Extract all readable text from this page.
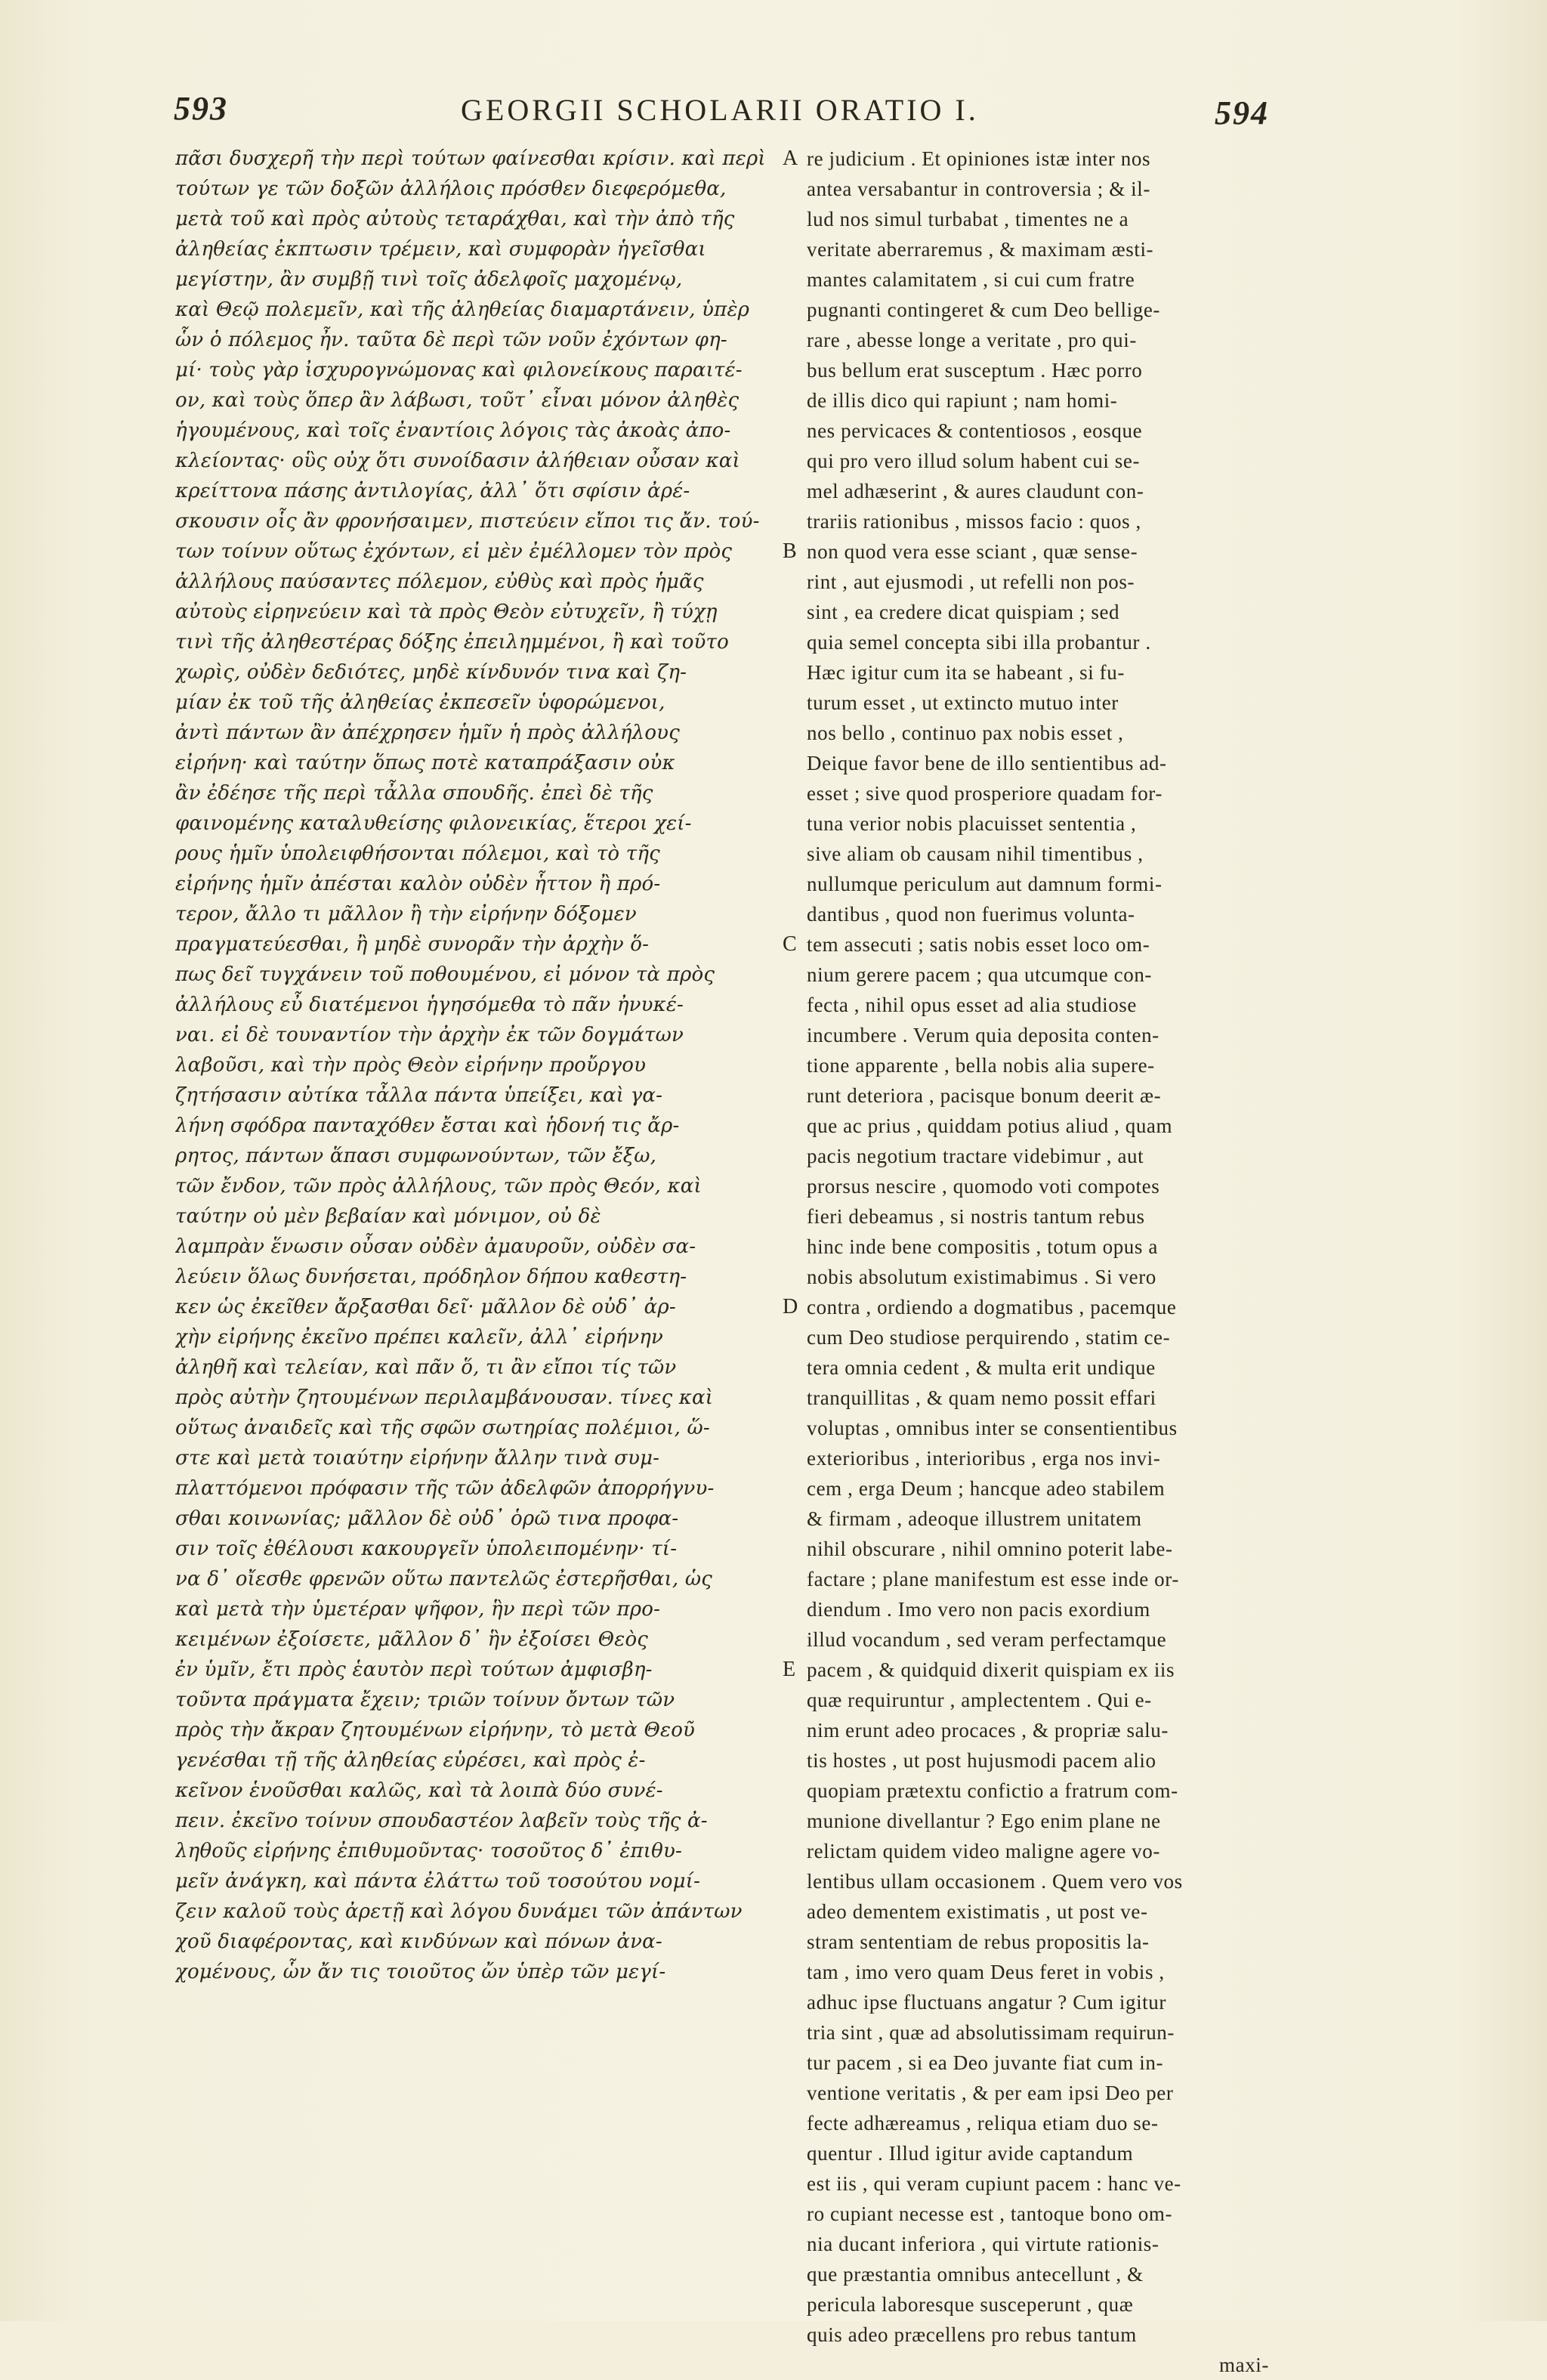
593	GEORGII SCHOLARII ORATIO I.	594
πᾶσι δυσχερῆ τὴν περὶ τούτων φαίνεσθαι κρίσιν. καὶ περὶ
τούτων γε τῶν δοξῶν ἀλλήλοις πρόσθεν διεφερόμεθα,
μετὰ τοῦ καὶ πρὸς αὐτοὺς τεταράχθαι, καὶ τὴν ἀπὸ τῆς
ἀληθείας ἐκπτωσιν τρέμειν, καὶ συμφορὰν ἡγεῖσθαι
μεγίστην, ἂν συμβῇ τινὶ τοῖς ἀδελφοῖς μαχομένῳ,
καὶ Θεῷ πολεμεῖν, καὶ τῆς ἀληθείας διαμαρτάνειν, ὑπὲρ
ὧν ὁ πόλεμος ἦν. ταῦτα δὲ περὶ τῶν νοῦν ἐχόντων φη-
μί· τοὺς γὰρ ἰσχυρογνώμονας καὶ φιλονείκους παραιτέ-
ον, καὶ τοὺς ὅπερ ἂν λάβωσι, τοῦτ᾽ εἶναι μόνον ἀληθὲς
ἡγουμένους, καὶ τοῖς ἐναντίοις λόγοις τὰς ἀκοὰς ἀπο-
κλείοντας· οὓς οὐχ ὅτι συνοίδασιν ἀλήθειαν οὖσαν καὶ
κρείττονα πάσης ἀντιλογίας, ἀλλ᾽ ὅτι σφίσιν ἀρέ-
σκουσιν οἷς ἂν φρονήσαιμεν, πιστεύειν εἴποι τις ἄν. τού-
των τοίνυν οὕτως ἐχόντων, εἰ μὲν ἐμέλλομεν τὸν πρὸς
ἀλλήλους παύσαντες πόλεμον, εὐθὺς καὶ πρὸς ἡμᾶς
αὐτοὺς εἰρηνεύειν καὶ τὰ πρὸς Θεὸν εὐτυχεῖν, ἢ τύχῃ
τινὶ τῆς ἀληθεστέρας δόξης ἐπειλημμένοι, ἢ καὶ τοῦτο
χωρὶς, οὐδὲν δεδιότες, μηδὲ κίνδυνόν τινα καὶ ζη-
μίαν ἐκ τοῦ τῆς ἀληθείας ἐκπεσεῖν ὑφορώμενοι,
ἀντὶ πάντων ἂν ἀπέχρησεν ἡμῖν ἡ πρὸς ἀλλήλους
εἰρήνη· καὶ ταύτην ὅπως ποτὲ καταπράξασιν οὐκ
ἂν ἐδέησε τῆς περὶ τἆλλα σπουδῆς. ἐπεὶ δὲ τῆς
φαινομένης καταλυθείσης φιλονεικίας, ἕτεροι χεί-
ρους ἡμῖν ὑπολειφθήσονται πόλεμοι, καὶ τὸ τῆς
εἰρήνης ἡμῖν ἀπέσται καλὸν οὐδὲν ἧττον ἢ πρό-
τερον, ἄλλο τι μᾶλλον ἢ τὴν εἰρήνην δόξομεν
πραγματεύεσθαι, ἢ μηδὲ συνορᾶν τὴν ἀρχὴν ὅ-
πως δεῖ τυγχάνειν τοῦ ποθουμένου, εἰ μόνον τὰ πρὸς
ἀλλήλους εὖ διατέμενοι ἡγησόμεθα τὸ πᾶν ἠνυκέ-
ναι. εἰ δὲ τουναντίον τὴν ἀρχὴν ἐκ τῶν δογμάτων
λαβοῦσι, καὶ τὴν πρὸς Θεὸν εἰρήνην προὔργου
ζητήσασιν αὐτίκα τἆλλα πάντα ὑπείξει, καὶ γα-
λήνη σφόδρα πανταχόθεν ἔσται καὶ ἡδονή τις ἄρ-
ρητος, πάντων ἅπασι συμφωνούντων, τῶν ἔξω,
τῶν ἔνδον, τῶν πρὸς ἀλλήλους, τῶν πρὸς Θεόν, καὶ
ταύτην οὐ μὲν βεβαίαν καὶ μόνιμον, οὐ δὲ
λαμπρὰν ἕνωσιν οὖσαν οὐδὲν ἀμαυροῦν, οὐδὲν σα-
λεύειν ὅλως δυνήσεται, πρόδηλον δήπου καθεστη-
κεν ὡς ἐκεῖθεν ἄρξασθαι δεῖ· μᾶλλον δὲ οὐδ᾽ ἀρ-
χὴν εἰρήνης ἐκεῖνο πρέπει καλεῖν, ἀλλ᾽ εἰρήνην
ἀληθῆ καὶ τελείαν, καὶ πᾶν ὅ, τι ἂν εἴποι τίς τῶν
πρὸς αὐτὴν ζητουμένων περιλαμβάνουσαν. τίνες καὶ
οὕτως ἀναιδεῖς καὶ τῆς σφῶν σωτηρίας πολέμιοι, ὥ-
στε καὶ μετὰ τοιαύτην εἰρήνην ἄλλην τινὰ συμ-
πλαττόμενοι πρόφασιν τῆς τῶν ἀδελφῶν ἀπορρήγνυ-
σθαι κοινωνίας; μᾶλλον δὲ οὐδ᾽ ὁρῶ τινα προφα-
σιν τοῖς ἐθέλουσι κακουργεῖν ὑπολειπομένην· τί-
να δ᾽ οἴεσθε φρενῶν οὕτω παντελῶς ἐστερῆσθαι, ὡς
καὶ μετὰ τὴν ὑμετέραν ψῆφον, ἣν περὶ τῶν προ-
κειμένων ἐξοίσετε, μᾶλλον δ᾽ ἣν ἐξοίσει Θεὸς
ἐν ὑμῖν, ἔτι πρὸς ἑαυτὸν περὶ τούτων ἀμφισβη-
τοῦντα πράγματα ἔχειν; τριῶν τοίνυν ὄντων τῶν
πρὸς τὴν ἄκραν ζητουμένων εἰρήνην, τὸ μετὰ Θεοῦ
γενέσθαι τῇ τῆς ἀληθείας εὑρέσει, καὶ πρὸς ἐ-
κεῖνον ἑνοῦσθαι καλῶς, καὶ τὰ λοιπὰ δύο συνέ-
πειν. ἐκεῖνο τοίνυν σπουδαστέον λαβεῖν τοὺς τῆς ἀ-
ληθοῦς εἰρήνης ἐπιθυμοῦντας· τοσοῦτος δ᾽ ἐπιθυ-
μεῖν ἀνάγκη, καὶ πάντα ἐλάττω τοῦ τοσούτου νομί-
ζειν καλοῦ τοὺς ἀρετῇ καὶ λόγου δυνάμει τῶν ἀπάντων
χοῦ διαφέροντας, καὶ κινδύνων καὶ πόνων ἀνα-
χομένους, ὧν ἄν τις τοιοῦτος ὤν ὑπὲρ τῶν μεγί-
A
B
C
D
E
re judicium . Et opiniones istæ inter nos
antea versabantur in controversia ; & il-
lud nos simul turbabat , timentes ne a
veritate aberraremus , & maximam æsti-
mantes calamitatem , si cui cum fratre
pugnanti contingeret & cum Deo bellige-
rare , abesse longe a veritate , pro qui-
bus bellum erat susceptum . Hæc porro
de illis dico qui rapiunt ; nam homi-
nes pervicaces & contentiosos , eosque
qui pro vero illud solum habent cui se-
mel adhæserint , & aures claudunt con-
trariis rationibus , missos facio : quos ,
non quod vera esse sciant , quæ sense-
rint , aut ejusmodi , ut refelli non pos-
sint , ea credere dicat quispiam ; sed
quia semel concepta sibi illa probantur .
Hæc igitur cum ita se habeant , si fu-
turum esset , ut extincto mutuo inter
nos bello , continuo pax nobis esset ,
Deique favor bene de illo sentientibus ad-
esset ; sive quod prosperiore quadam for-
tuna verior nobis placuisset sententia ,
sive aliam ob causam nihil timentibus ,
nullumque periculum aut damnum formi-
dantibus , quod non fuerimus volunta-
tem assecuti ; satis nobis esset loco om-
nium gerere pacem ; qua utcumque con-
fecta , nihil opus esset ad alia studiose
incumbere . Verum quia deposita conten-
tione apparente , bella nobis alia supere-
runt deteriora , pacisque bonum deerit æ-
que ac prius , quiddam potius aliud , quam
pacis negotium tractare videbimur , aut
prorsus nescire , quomodo voti compotes
fieri debeamus , si nostris tantum rebus
hinc inde bene compositis , totum opus a
nobis absolutum existimabimus . Si vero
contra , ordiendo a dogmatibus , pacemque
cum Deo studiose perquirendo , statim ce-
tera omnia cedent , & multa erit undique
tranquillitas , & quam nemo possit effari
voluptas , omnibus inter se consentientibus
exterioribus , interioribus , erga nos invi-
cem , erga Deum ; hancque adeo stabilem
& firmam , adeoque illustrem unitatem
nihil obscurare , nihil omnino poterit labe-
factare ; plane manifestum est esse inde or-
diendum . Imo vero non pacis exordium
illud vocandum , sed veram perfectamque
pacem , & quidquid dixerit quispiam ex iis
quæ requiruntur , amplectentem . Qui e-
nim erunt adeo procaces , & propriæ salu-
tis hostes , ut post hujusmodi pacem alio
quopiam prætextu confictio a fratrum com-
munione divellantur ? Ego enim plane ne
relictam quidem video maligne agere vo-
lentibus ullam occasionem . Quem vero vos
adeo dementem existimatis , ut post ve-
stram sententiam de rebus propositis la-
tam , imo vero quam Deus feret in vobis ,
adhuc ipse fluctuans angatur ? Cum igitur
tria sint , quæ ad absolutissimam requirun-
tur pacem , si ea Deo juvante fiat cum in-
ventione veritatis , & per eam ipsi Deo per
fecte adhæreamus , reliqua etiam duo se-
quentur . Illud igitur avide captandum
est iis , qui veram cupiunt pacem : hanc ve-
ro cupiant necesse est , tantoque bono om-
nia ducant inferiora , qui virtute rationis-
que præstantia omnibus antecellunt , &
pericula laboresque susceperunt , quæ
quis adeo præcellens pro rebus tantum
maxi-
